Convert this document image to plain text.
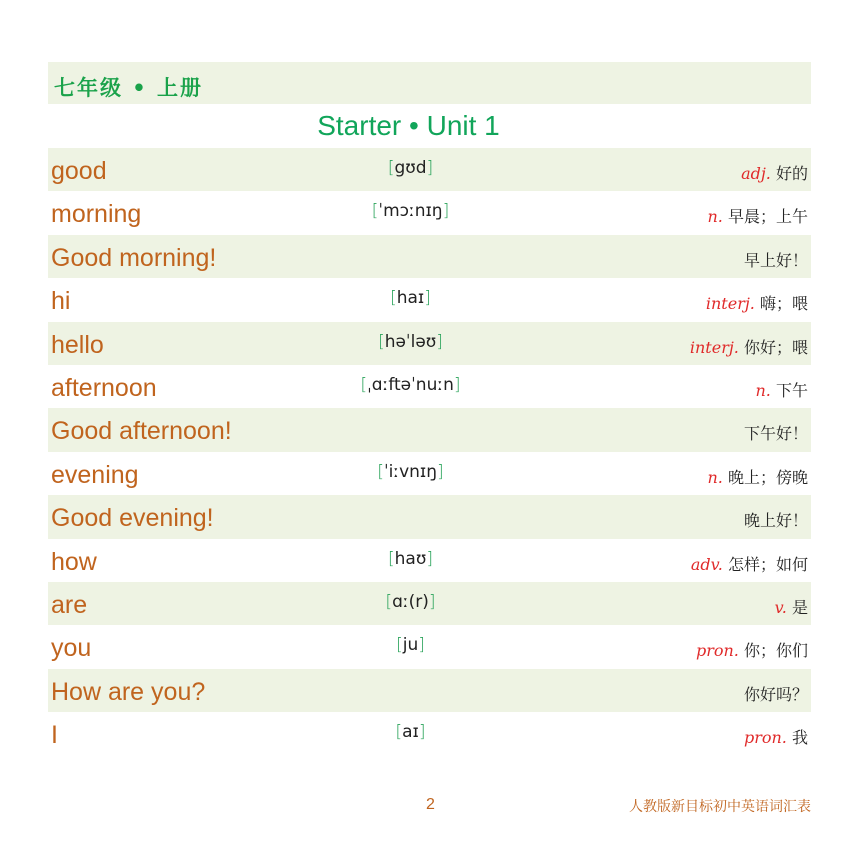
七年级 • 上册
Starter • Unit 1
good	[gʊd]	adj. 好的
morning	[ˈmɔːnɪŋ]	n. 早晨；上午
Good morning!	早上好！
hi	[haɪ]	interj. 嗨；喂
hello	[həˈləʊ]	interj. 你好；喂
afternoon	[ˌɑːftəˈnuːn]	n. 下午
Good afternoon!	下午好！
evening	[ˈiːvnɪŋ]	n. 晚上；傍晚
Good evening!	晚上好！
how	[haʊ]	adv. 怎样；如何
are	[ɑː(r)]	v. 是
you	[ju]	pron. 你；你们
How are you?	你好吗？
I	[aɪ]	pron. 我
2	人教版新目标初中英语词汇表
